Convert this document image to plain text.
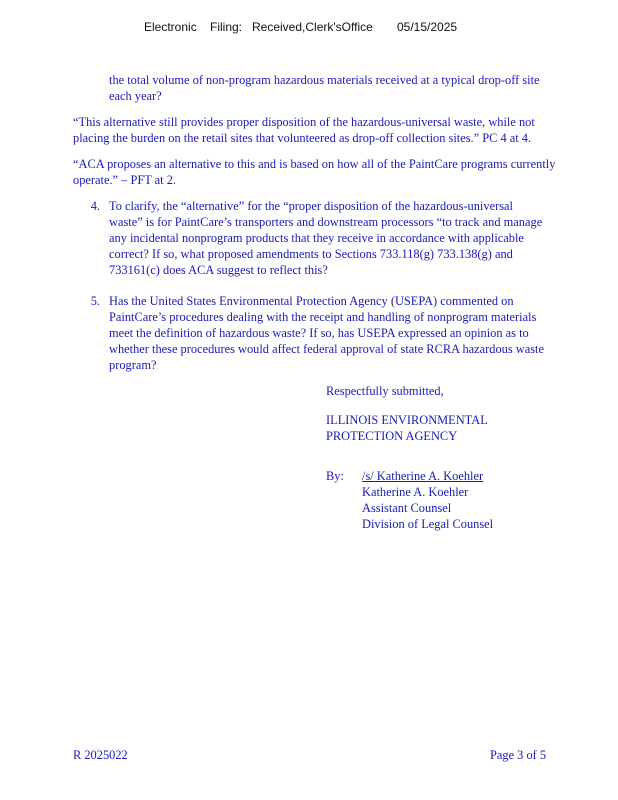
Electronic Filing: Received,Clerk'sOffice 05/15/2025
the total volume of non-program hazardous materials received at a typical drop-off site
each year?
“This alternative still provides proper disposition of the hazardous-universal waste, while not
placing the burden on the retail sites that volunteered as drop-off collection sites.” PC 4 at 4.
“ACA proposes an alternative to this and is based on how all of the PaintCare programs currently
operate.” – PFT at 2.
4. To clarify, the “alternative” for the “proper disposition of the hazardous-universal
waste” is for PaintCare’s transporters and downstream processors “to track and manage
any incidental nonprogram products that they receive in accordance with applicable
correct? If so, what proposed amendments to Sections 733.118(g) 733.138(g) and
733161(c) does ACA suggest to reflect this?
5. Has the United States Environmental Protection Agency (USEPA) commented on
PaintCare’s procedures dealing with the receipt and handling of nonprogram materials
meet the definition of hazardous waste? If so, has USEPA expressed an opinion as to
whether these procedures would affect federal approval of state RCRA hazardous waste
program?
Respectfully submitted,
ILLINOIS ENVIRONMENTAL
PROTECTION AGENCY
By: /s/ Katherine A. Koehler
Katherine A. Koehler
Assistant Counsel
Division of Legal Counsel
R 2025022	Page 3 of 5
